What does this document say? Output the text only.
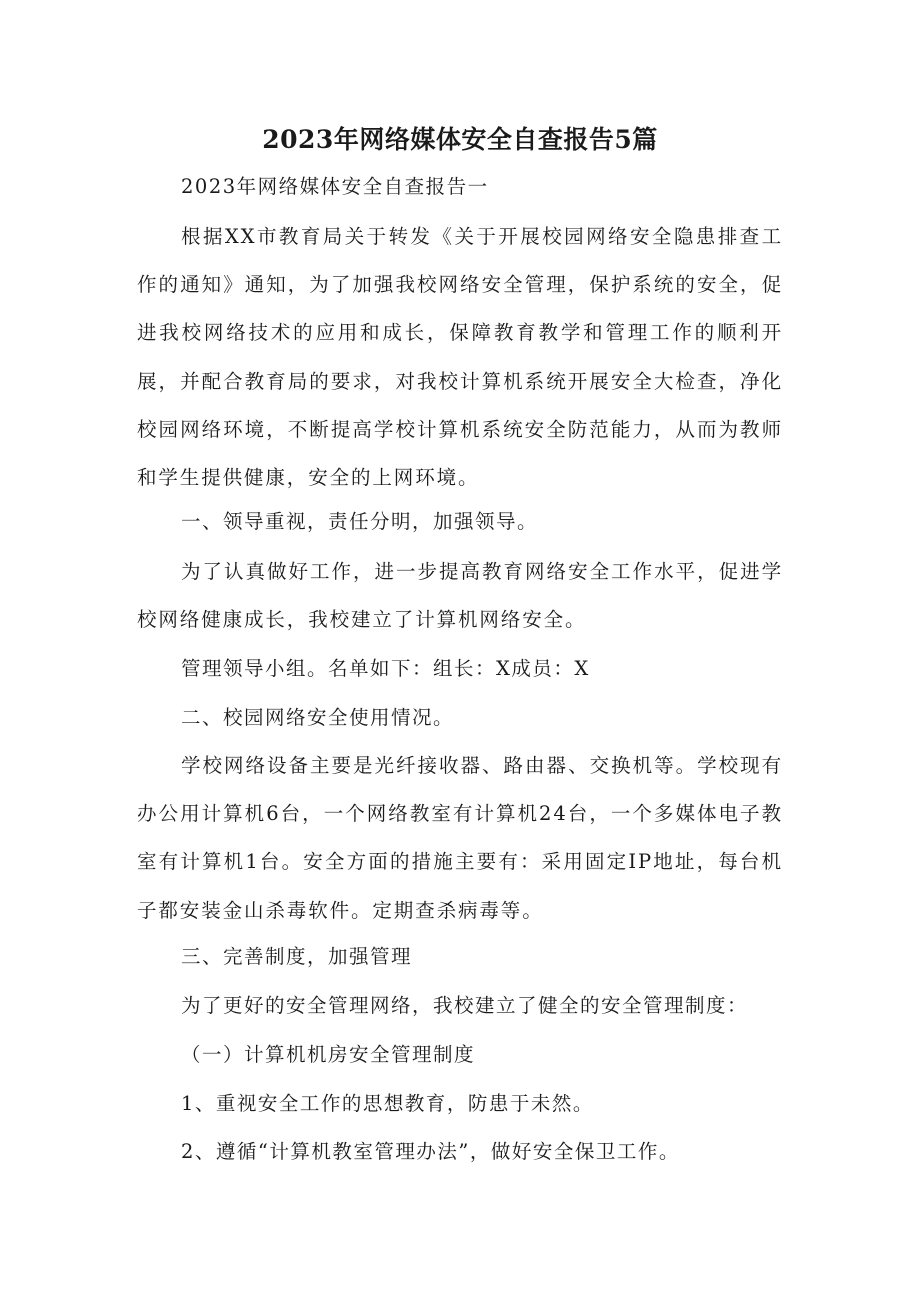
2023年网络媒体安全自查报告5篇
2023年网络媒体安全自查报告一

根据XX市教育局关于转发《关于开展校园网络安全隐患排查工作的通知》通知，为了加强我校网络安全管理，保护系统的安全，促进我校网络技术的应用和成长，保障教育教学和管理工作的顺利开展，并配合教育局的要求，对我校计算机系统开展安全大检查，净化校园网络环境，不断提高学校计算机系统安全防范能力，从而为教师和学生提供健康，安全的上网环境。

一、领导重视，责任分明，加强领导。

为了认真做好工作，进一步提高教育网络安全工作水平，促进学校网络健康成长，我校建立了计算机网络安全。

管理领导小组。名单如下：组长：X成员：X

二、校园网络安全使用情况。

学校网络设备主要是光纤接收器、路由器、交换机等。学校现有办公用计算机6台，一个网络教室有计算机24台，一个多媒体电子教室有计算机1台。安全方面的措施主要有：采用固定IP地址，每台机子都安装金山杀毒软件。定期查杀病毒等。

三、完善制度，加强管理

为了更好的安全管理网络，我校建立了健全的安全管理制度：

（一）计算机机房安全管理制度

1、重视安全工作的思想教育，防患于未然。

2、遵循“计算机教室管理办法”，做好安全保卫工作。
